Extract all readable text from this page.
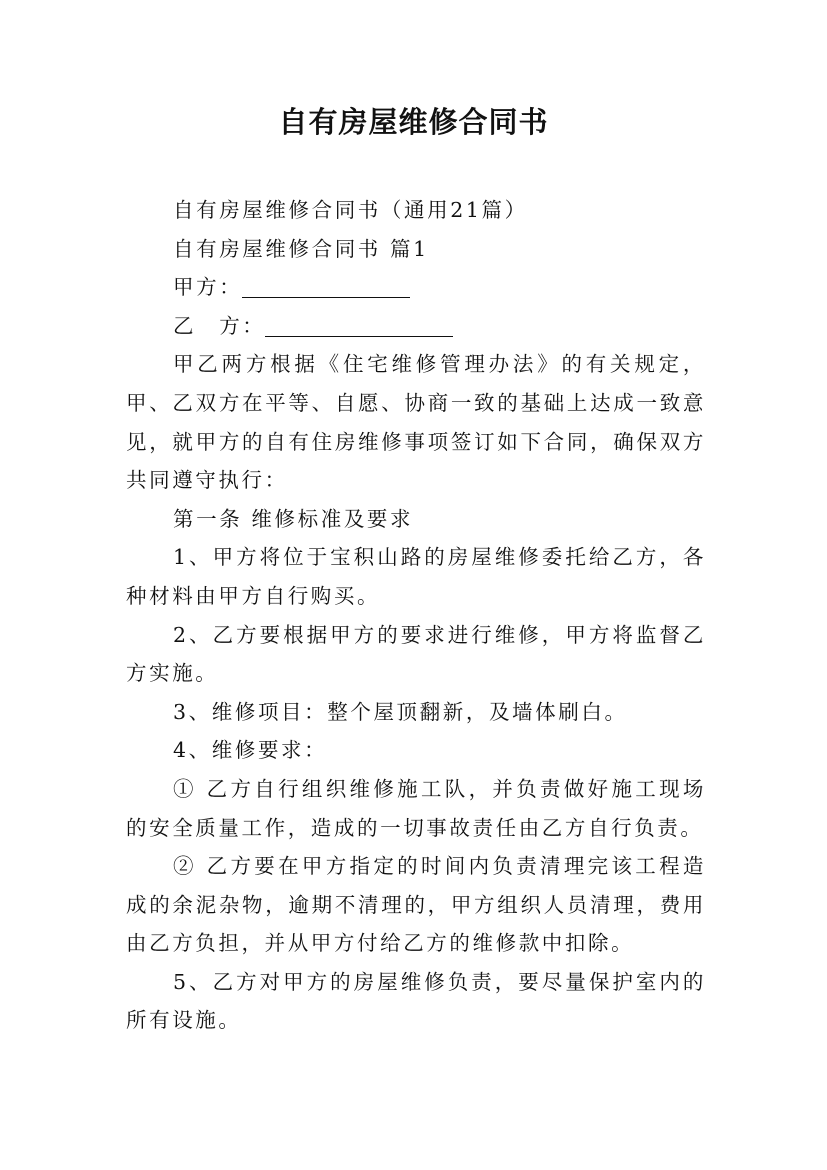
自有房屋维修合同书

自有房屋维修合同书（通用21篇）

自有房屋维修合同书 篇1

甲方：

乙　方：

甲乙两方根据《住宅维修管理办法》的有关规定，甲、乙双方在平等、自愿、协商一致的基础上达成一致意见，就甲方的自有住房维修事项签订如下合同，确保双方共同遵守执行：

第一条 维修标准及要求

1、甲方将位于宝积山路的房屋维修委托给乙方，各种材料由甲方自行购买。

2、乙方要根据甲方的要求进行维修，甲方将监督乙方实施。

3、维修项目：整个屋顶翻新，及墙体刷白。

4、维修要求：

① 乙方自行组织维修施工队，并负责做好施工现场的安全质量工作，造成的一切事故责任由乙方自行负责。

② 乙方要在甲方指定的时间内负责清理完该工程造成的余泥杂物，逾期不清理的，甲方组织人员清理，费用由乙方负担，并从甲方付给乙方的维修款中扣除。

5、乙方对甲方的房屋维修负责，要尽量保护室内的所有设施。
